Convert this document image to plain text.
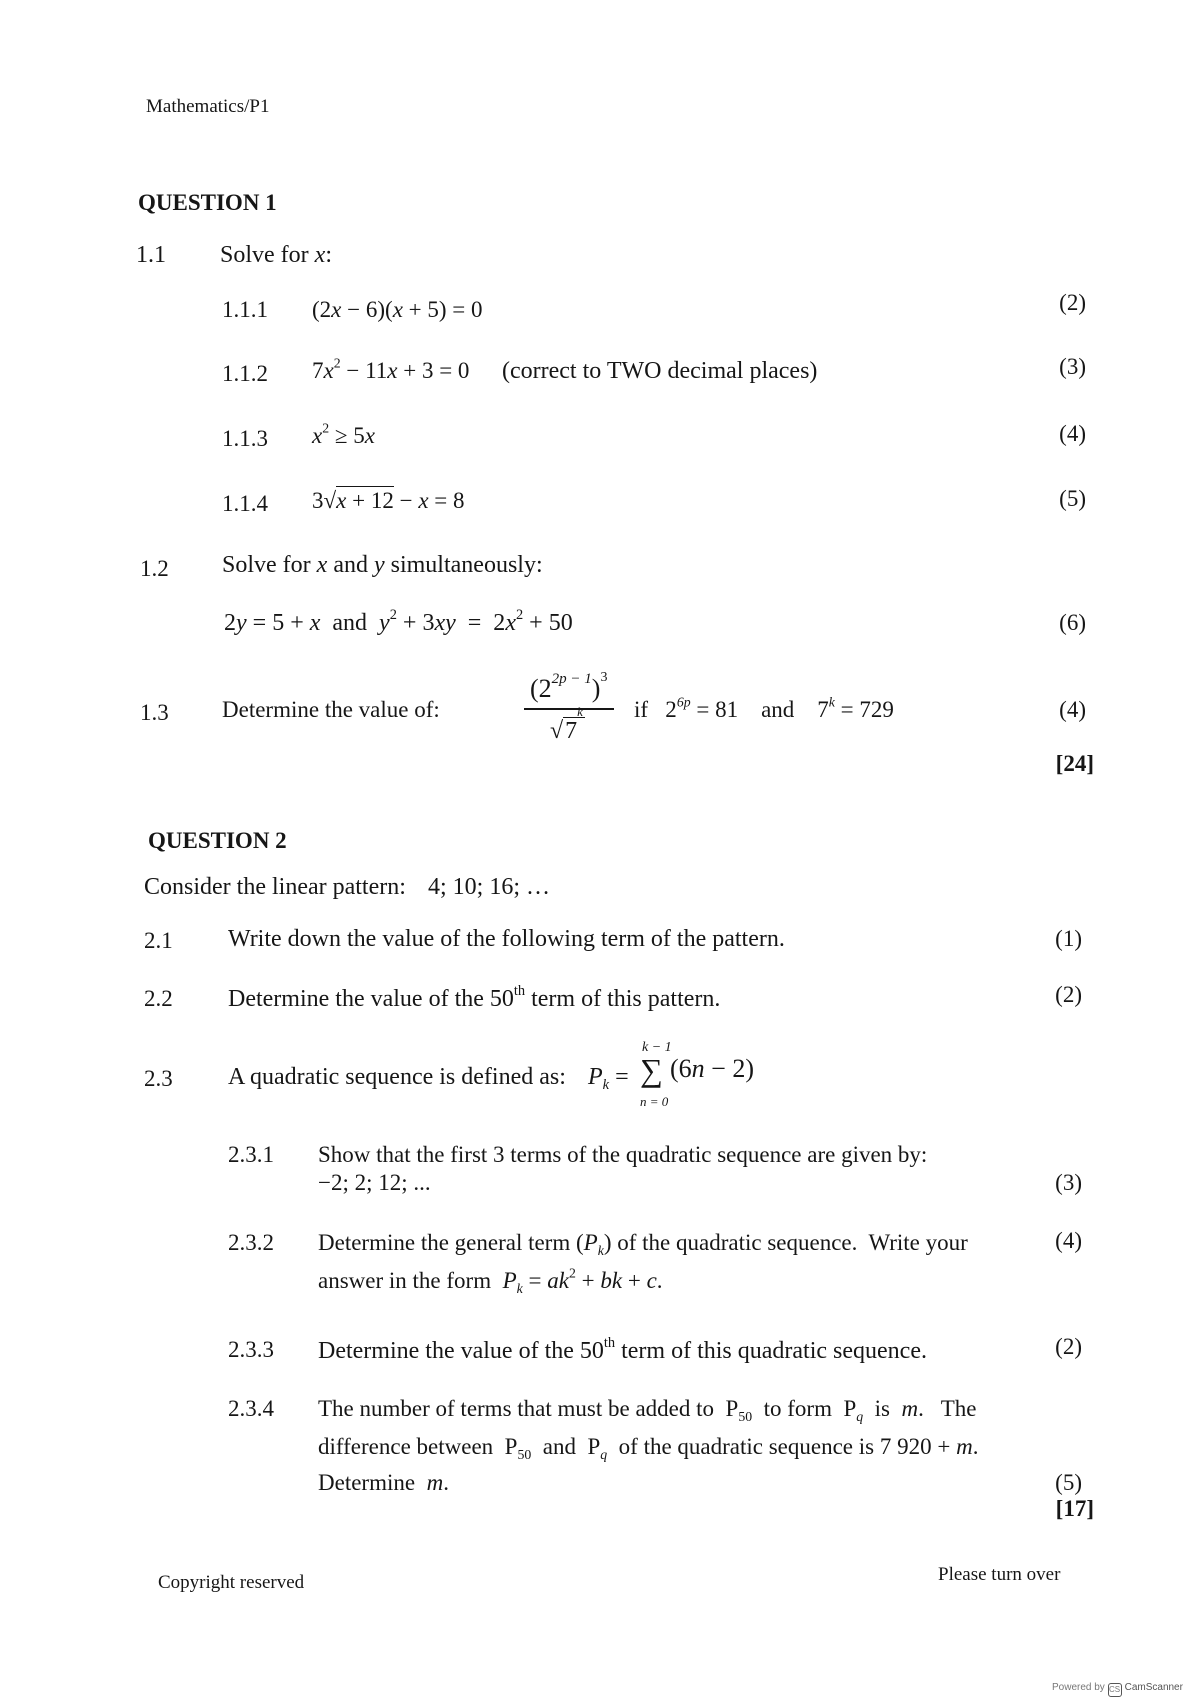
Mathematics/P1
QUESTION 1
1.1 Solve for x:
1.1.1 (2x − 6)(x + 5) = 0	(2)
1.1.2 $7x^2 - 11x + 3 = 0$ (correct to TWO decimal places)	(3)
1.1.3 $x^2 \ge 5x$	(4)
1.1.4 3√x + 12 − x = 8	(5)
1.2 Solve for x and y simultaneously:
2y = 5 + x  and  $y^2 + 3xy = 2x^2 + 50$	(6)
1.3 Determine the value of:
$(2^{2p - 1})^3$
√7$^k$ if   $2^{6p} = 81$    and    $7^k = 729$	(4)
[24]
QUESTION 2
Consider the linear pattern: 4; 10; 16; …
2.1 Write down the value of the following term of the pattern.	(1)
2.2 Determine the value of the 50th term of this pattern.	(2)
2.3 A quadratic sequence is defined as: $P_k$ =
k − 1
∑
n = 0
(6n − 2)
2.3.1 Show that the first 3 terms of the quadratic sequence are given by:
−2; 2; 12; ...	(3)
2.3.2 Determine the general term $(P_k)$ of the quadratic sequence.  Write your
answer in the form  $P_k = ak^2$ + bk + c.
(4)
2.3.3 Determine the value of the 50th term of this quadratic sequence.	(2)
2.3.4 The number of terms that must be added to  $P_{50}$  to form  $P_q$  is  m.   The
difference between  $P_{50}$  and  $P_q$  of the quadratic sequence is 7 920 + m.
Determine  m.	(5)
[17]
Copyright reserved	Please turn over
Powered by CS CamScanner
